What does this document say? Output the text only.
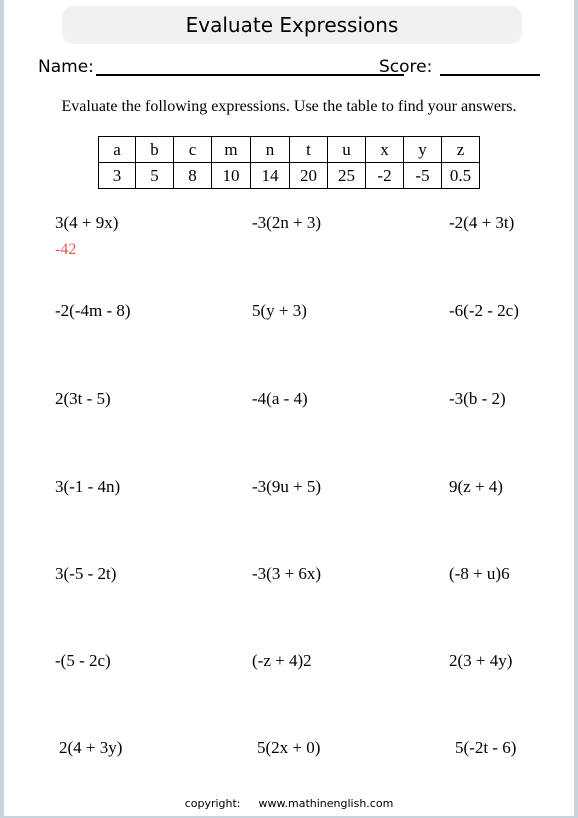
Evaluate Expressions
Name:	Score:
Evaluate the following expressions. Use the table to find your answers.
a	b	c	m	n	t	u	x	y	z
3	5	8	10	14	20	25	-2	-5	0.5
3(4 + 9x)	-3(2n + 3)	-2(4 + 3t)
-42
-2(-4m - 8)	5(y + 3)	-6(-2 - 2c)
2(3t - 5)	-4(a - 4)	-3(b - 2)
3(-1 - 4n)	-3(9u + 5)	9(z + 4)
3(-5 - 2t)	-3(3 + 6x)	(-8 + u)6
-(5 - 2c)	(-z + 4)2	2(3 + 4y)
2(4 + 3y)	5(2x + 0)	5(-2t - 6)
copyright: www.mathinenglish.com
